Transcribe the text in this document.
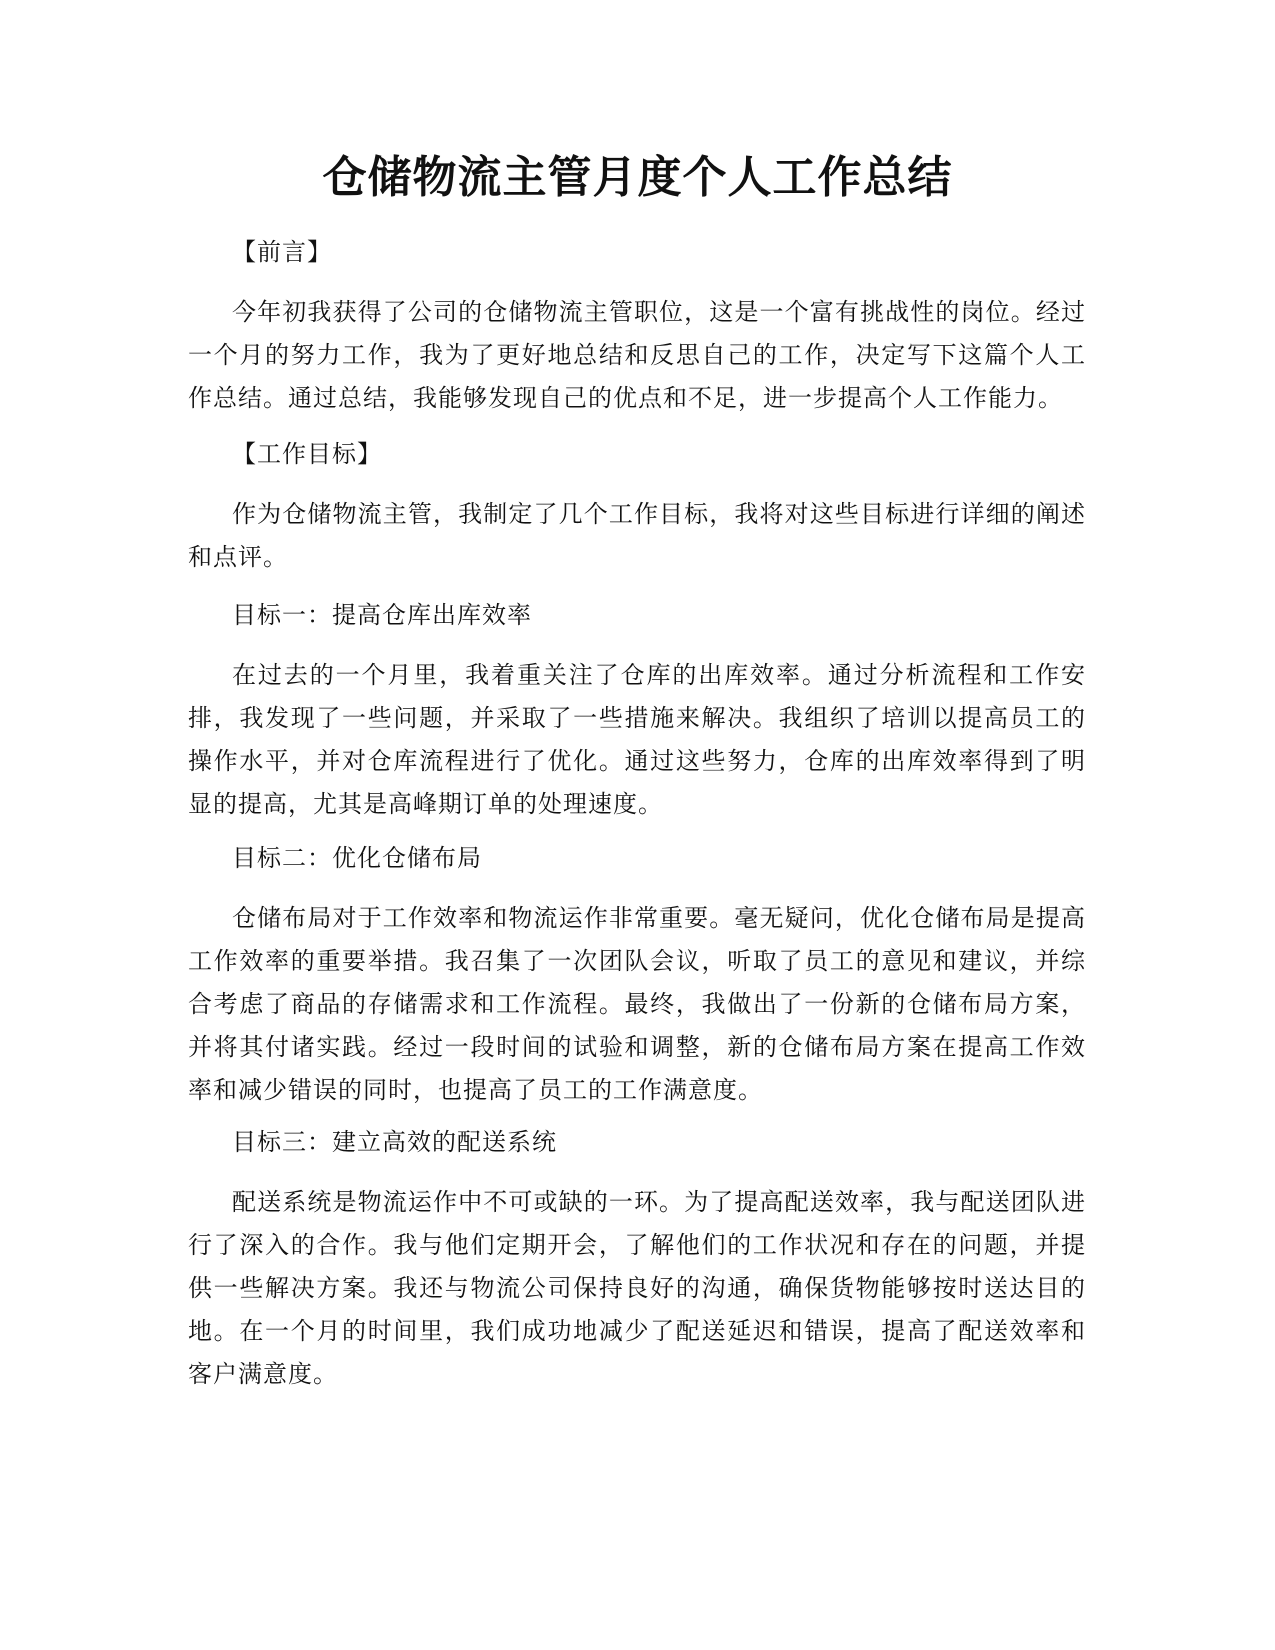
仓储物流主管月度个人工作总结

【前言】

今年初我获得了公司的仓储物流主管职位，这是一个富有挑战性的岗位。经过一个月的努力工作，我为了更好地总结和反思自己的工作，决定写下这篇个人工作总结。通过总结，我能够发现自己的优点和不足，进一步提高个人工作能力。

【工作目标】

作为仓储物流主管，我制定了几个工作目标，我将对这些目标进行详细的阐述和点评。

目标一：提高仓库出库效率

在过去的一个月里，我着重关注了仓库的出库效率。通过分析流程和工作安排，我发现了一些问题，并采取了一些措施来解决。我组织了培训以提高员工的操作水平，并对仓库流程进行了优化。通过这些努力，仓库的出库效率得到了明显的提高，尤其是高峰期订单的处理速度。

目标二：优化仓储布局

仓储布局对于工作效率和物流运作非常重要。毫无疑问，优化仓储布局是提高工作效率的重要举措。我召集了一次团队会议，听取了员工的意见和建议，并综合考虑了商品的存储需求和工作流程。最终，我做出了一份新的仓储布局方案，并将其付诸实践。经过一段时间的试验和调整，新的仓储布局方案在提高工作效率和减少错误的同时，也提高了员工的工作满意度。

目标三：建立高效的配送系统

配送系统是物流运作中不可或缺的一环。为了提高配送效率，我与配送团队进行了深入的合作。我与他们定期开会，了解他们的工作状况和存在的问题，并提供一些解决方案。我还与物流公司保持良好的沟通，确保货物能够按时送达目的地。在一个月的时间里，我们成功地减少了配送延迟和错误，提高了配送效率和客户满意度。
